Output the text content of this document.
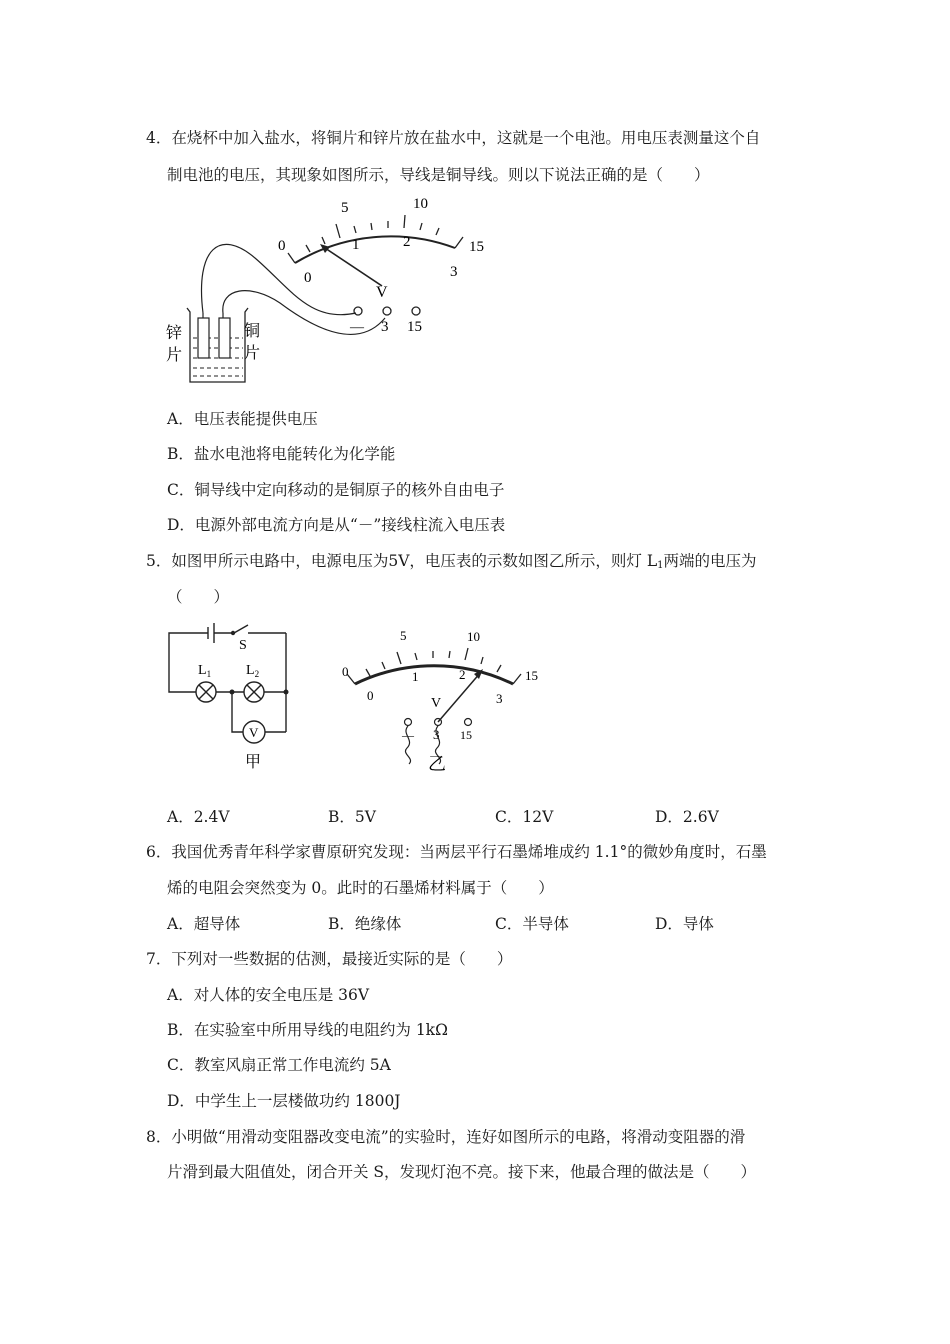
4．在烧杯中加入盐水，将铜片和锌片放在盐水中，这就是一个电池。用电压表测量这个自
制电池的电压，其现象如图所示，导线是铜导线。则以下说法正确的是（　　）
0
5	10
15
0
1	2
3
V
— 3 15
锌
片
铜
片
A．电压表能提供电压
B．盐水电池将电能转化为化学能
C．铜导线中定向移动的是铜原子的核外自由电子
D．电源外部电流方向是从“－”接线柱流入电压表
5．如图甲所示电路中，电源电压为5V，电压表的示数如图乙所示，则灯 $L_1$两端的电压为
（　　）
S
$L_1$ $L_2$
V
甲
0
5	10
15
0
1	2
3
V
— 3 15
乙
A．2.4V	B．5V	C．12V	D．2.6V
6．我国优秀青年科学家曹原研究发现：当两层平行石墨烯堆成约 1.1°的微妙角度时，石墨
烯的电阻会突然变为 0。此时的石墨烯材料属于（　　）
A．超导体	B．绝缘体	C．半导体	D．导体
7．下列对一些数据的估测，最接近实际的是（　　）
A．对人体的安全电压是 36V
B．在实验室中所用导线的电阻约为 1kΩ
C．教室风扇正常工作电流约 5A
D．中学生上一层楼做功约 1800J
8．小明做“用滑动变阻器改变电流”的实验时，连好如图所示的电路，将滑动变阻器的滑
片滑到最大阻值处，闭合开关 S，发现灯泡不亮。接下来，他最合理的做法是（　　）
